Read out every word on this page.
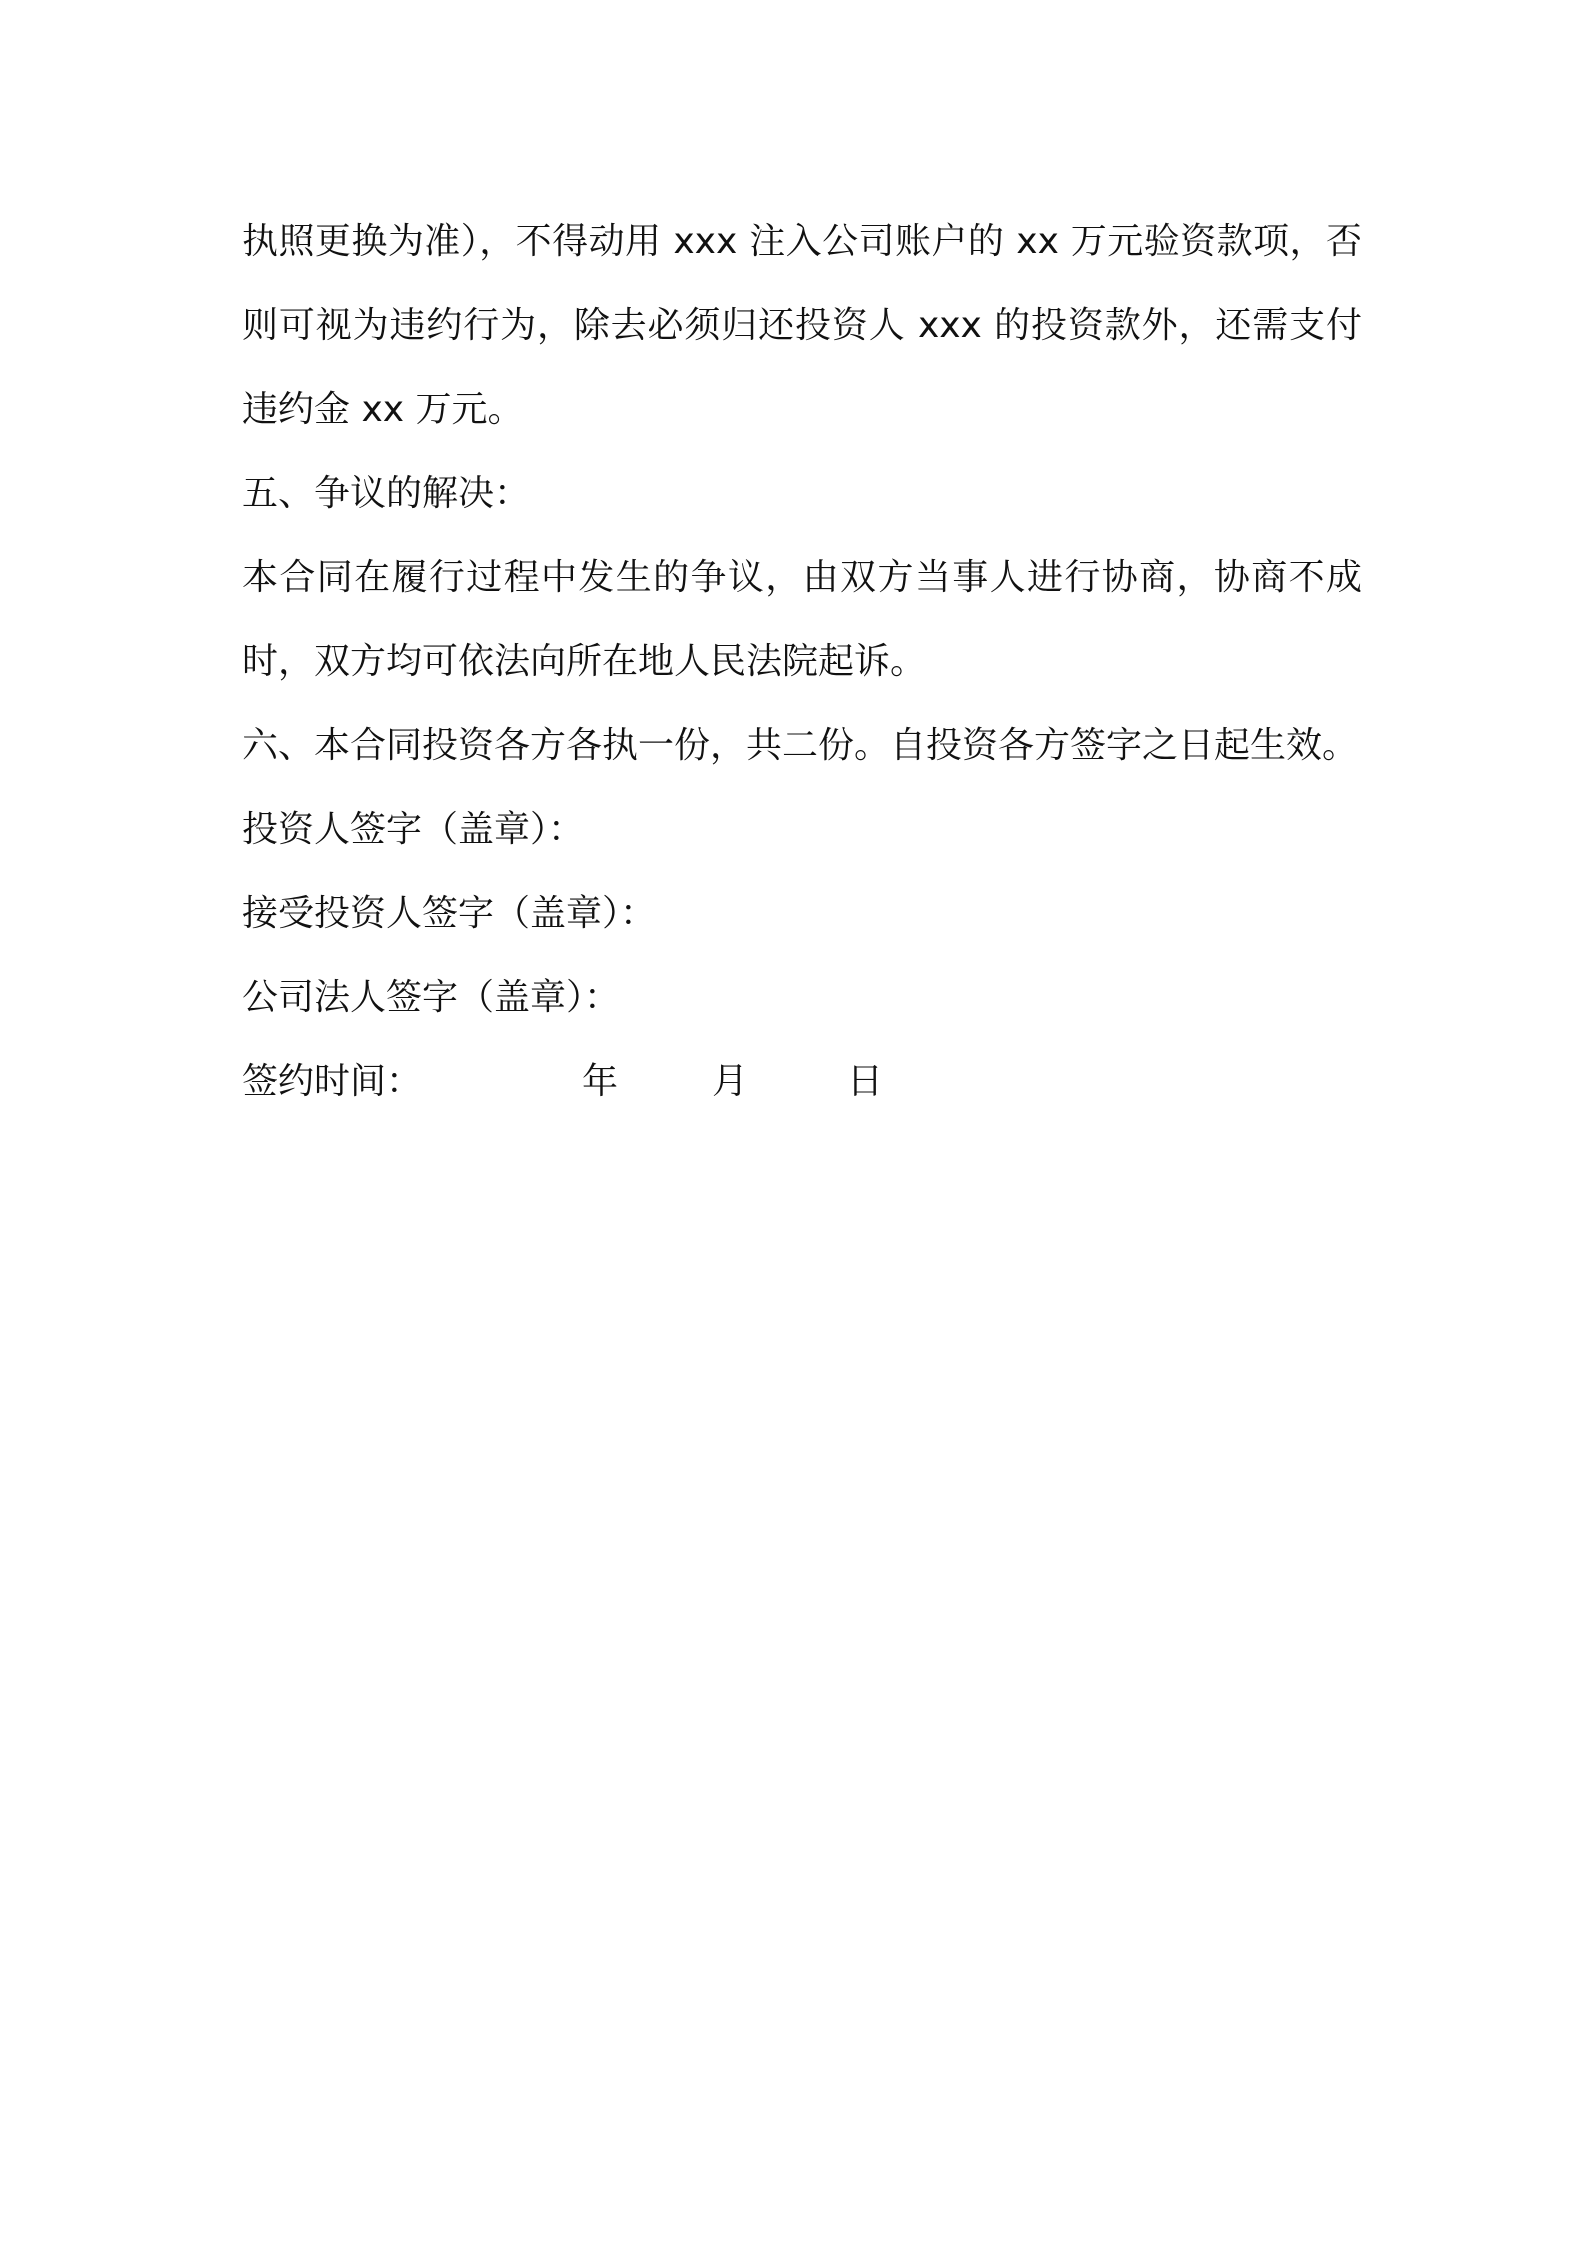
执照更换为准），不得动用 xxx 注入公司账户的 xx 万元验资款项，否则可视为违约行为，除去必须归还投资人 xxx 的投资款外，还需支付违约金 xx 万元。

五、争议的解决：

本合同在履行过程中发生的争议，由双方当事人进行协商，协商不成时，双方均可依法向所在地人民法院起诉。

六、本合同投资各方各执一份，共二份。自投资各方签字之日起生效。

投资人签字（盖章）：

接受投资人签字（盖章）：

公司法人签字（盖章）：

签约时间：	年	月	日
